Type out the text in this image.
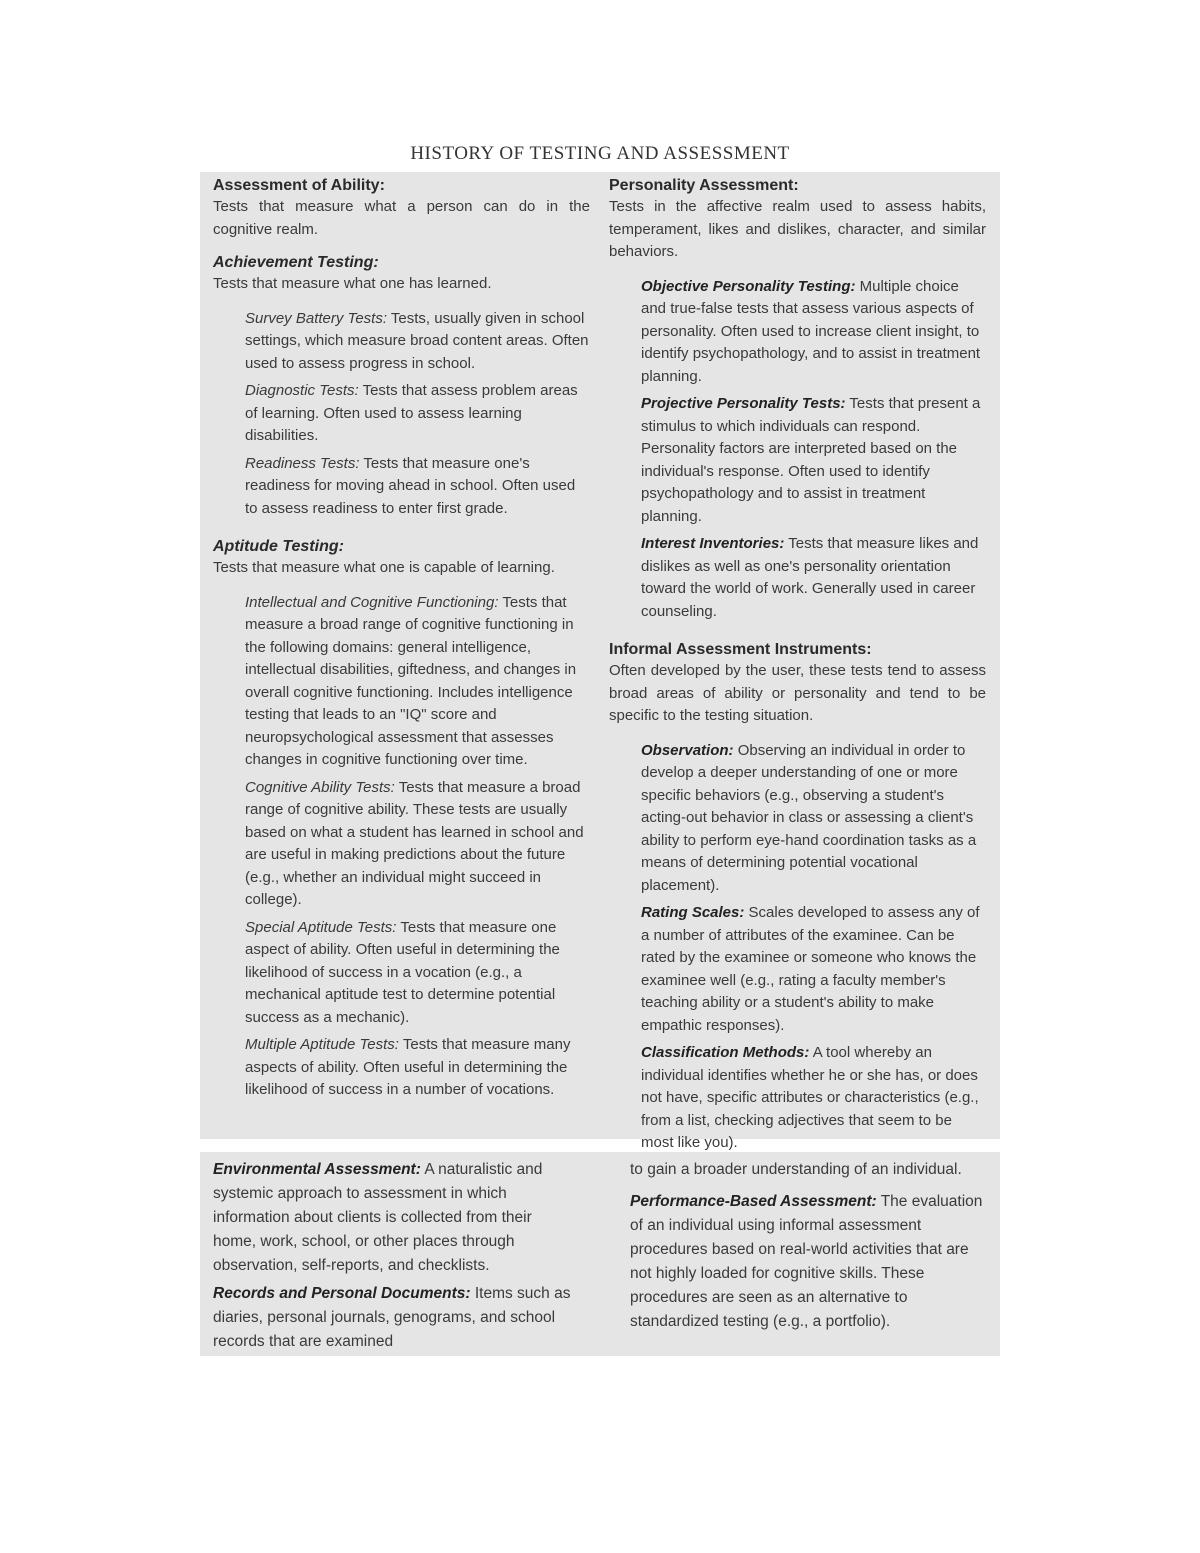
HISTORY OF TESTING AND ASSESSMENT
Assessment of Ability:

Tests that measure what a person can do in the cognitive realm.

Achievement Testing:

Tests that measure what one has learned.

Survey Battery Tests: Tests, usually given in school settings, which measure broad content areas. Often used to assess progress in school.

Diagnostic Tests: Tests that assess problem areas of learning. Often used to assess learning disabilities.

Readiness Tests: Tests that measure one's readiness for moving ahead in school. Often used to assess readiness to enter first grade.

Aptitude Testing:

Tests that measure what one is capable of learning.

Intellectual and Cognitive Functioning: Tests that measure a broad range of cognitive functioning in the following domains: general intelligence, intellectual disabilities, giftedness, and changes in overall cognitive functioning. Includes intelligence testing that leads to an "IQ" score and neuropsychological assessment that assesses changes in cognitive functioning over time.

Cognitive Ability Tests: Tests that measure a broad range of cognitive ability. These tests are usually based on what a student has learned in school and are useful in making predictions about the future (e.g., whether an individual might succeed in college).

Special Aptitude Tests: Tests that measure one aspect of ability. Often useful in determining the likelihood of success in a vocation (e.g., a mechanical aptitude test to determine potential success as a mechanic).

Multiple Aptitude Tests: Tests that measure many aspects of ability. Often useful in determining the likelihood of success in a number of vocations.

Personality Assessment:

Tests in the affective realm used to assess habits, temperament, likes and dislikes, character, and similar behaviors.

Objective Personality Testing: Multiple choice and true-false tests that assess various aspects of personality. Often used to increase client insight, to identify psychopathology, and to assist in treatment planning.

Projective Personality Tests: Tests that present a stimulus to which individuals can respond. Personality factors are interpreted based on the individual's response. Often used to identify psychopathology and to assist in treatment planning.

Interest Inventories: Tests that measure likes and dislikes as well as one's personality orientation toward the world of work. Generally used in career counseling.

Informal Assessment Instruments:

Often developed by the user, these tests tend to assess broad areas of ability or personality and tend to be specific to the testing situation.

Observation: Observing an individual in order to develop a deeper understanding of one or more specific behaviors (e.g., observing a student's acting-out behavior in class or assessing a client's ability to perform eye-hand coordination tasks as a means of determining potential vocational placement).

Rating Scales: Scales developed to assess any of a number of attributes of the examinee. Can be rated by the examinee or someone who knows the examinee well (e.g., rating a faculty member's teaching ability or a student's ability to make empathic responses).

Classification Methods: A tool whereby an individual identifies whether he or she has, or does not have, specific attributes or characteristics (e.g., from a list, checking adjectives that seem to be most like you).

Environmental Assessment: A naturalistic and systemic approach to assessment in which information about clients is collected from their home, work, school, or other places through observation, self-reports, and checklists.

Records and Personal Documents: Items such as diaries, personal journals, genograms, and school records that are examined

to gain a broader understanding of an individual.

Performance-Based Assessment: The evaluation of an individual using informal assessment procedures based on real-world activities that are not highly loaded for cognitive skills. These procedures are seen as an alternative to standardized testing (e.g., a portfolio).
